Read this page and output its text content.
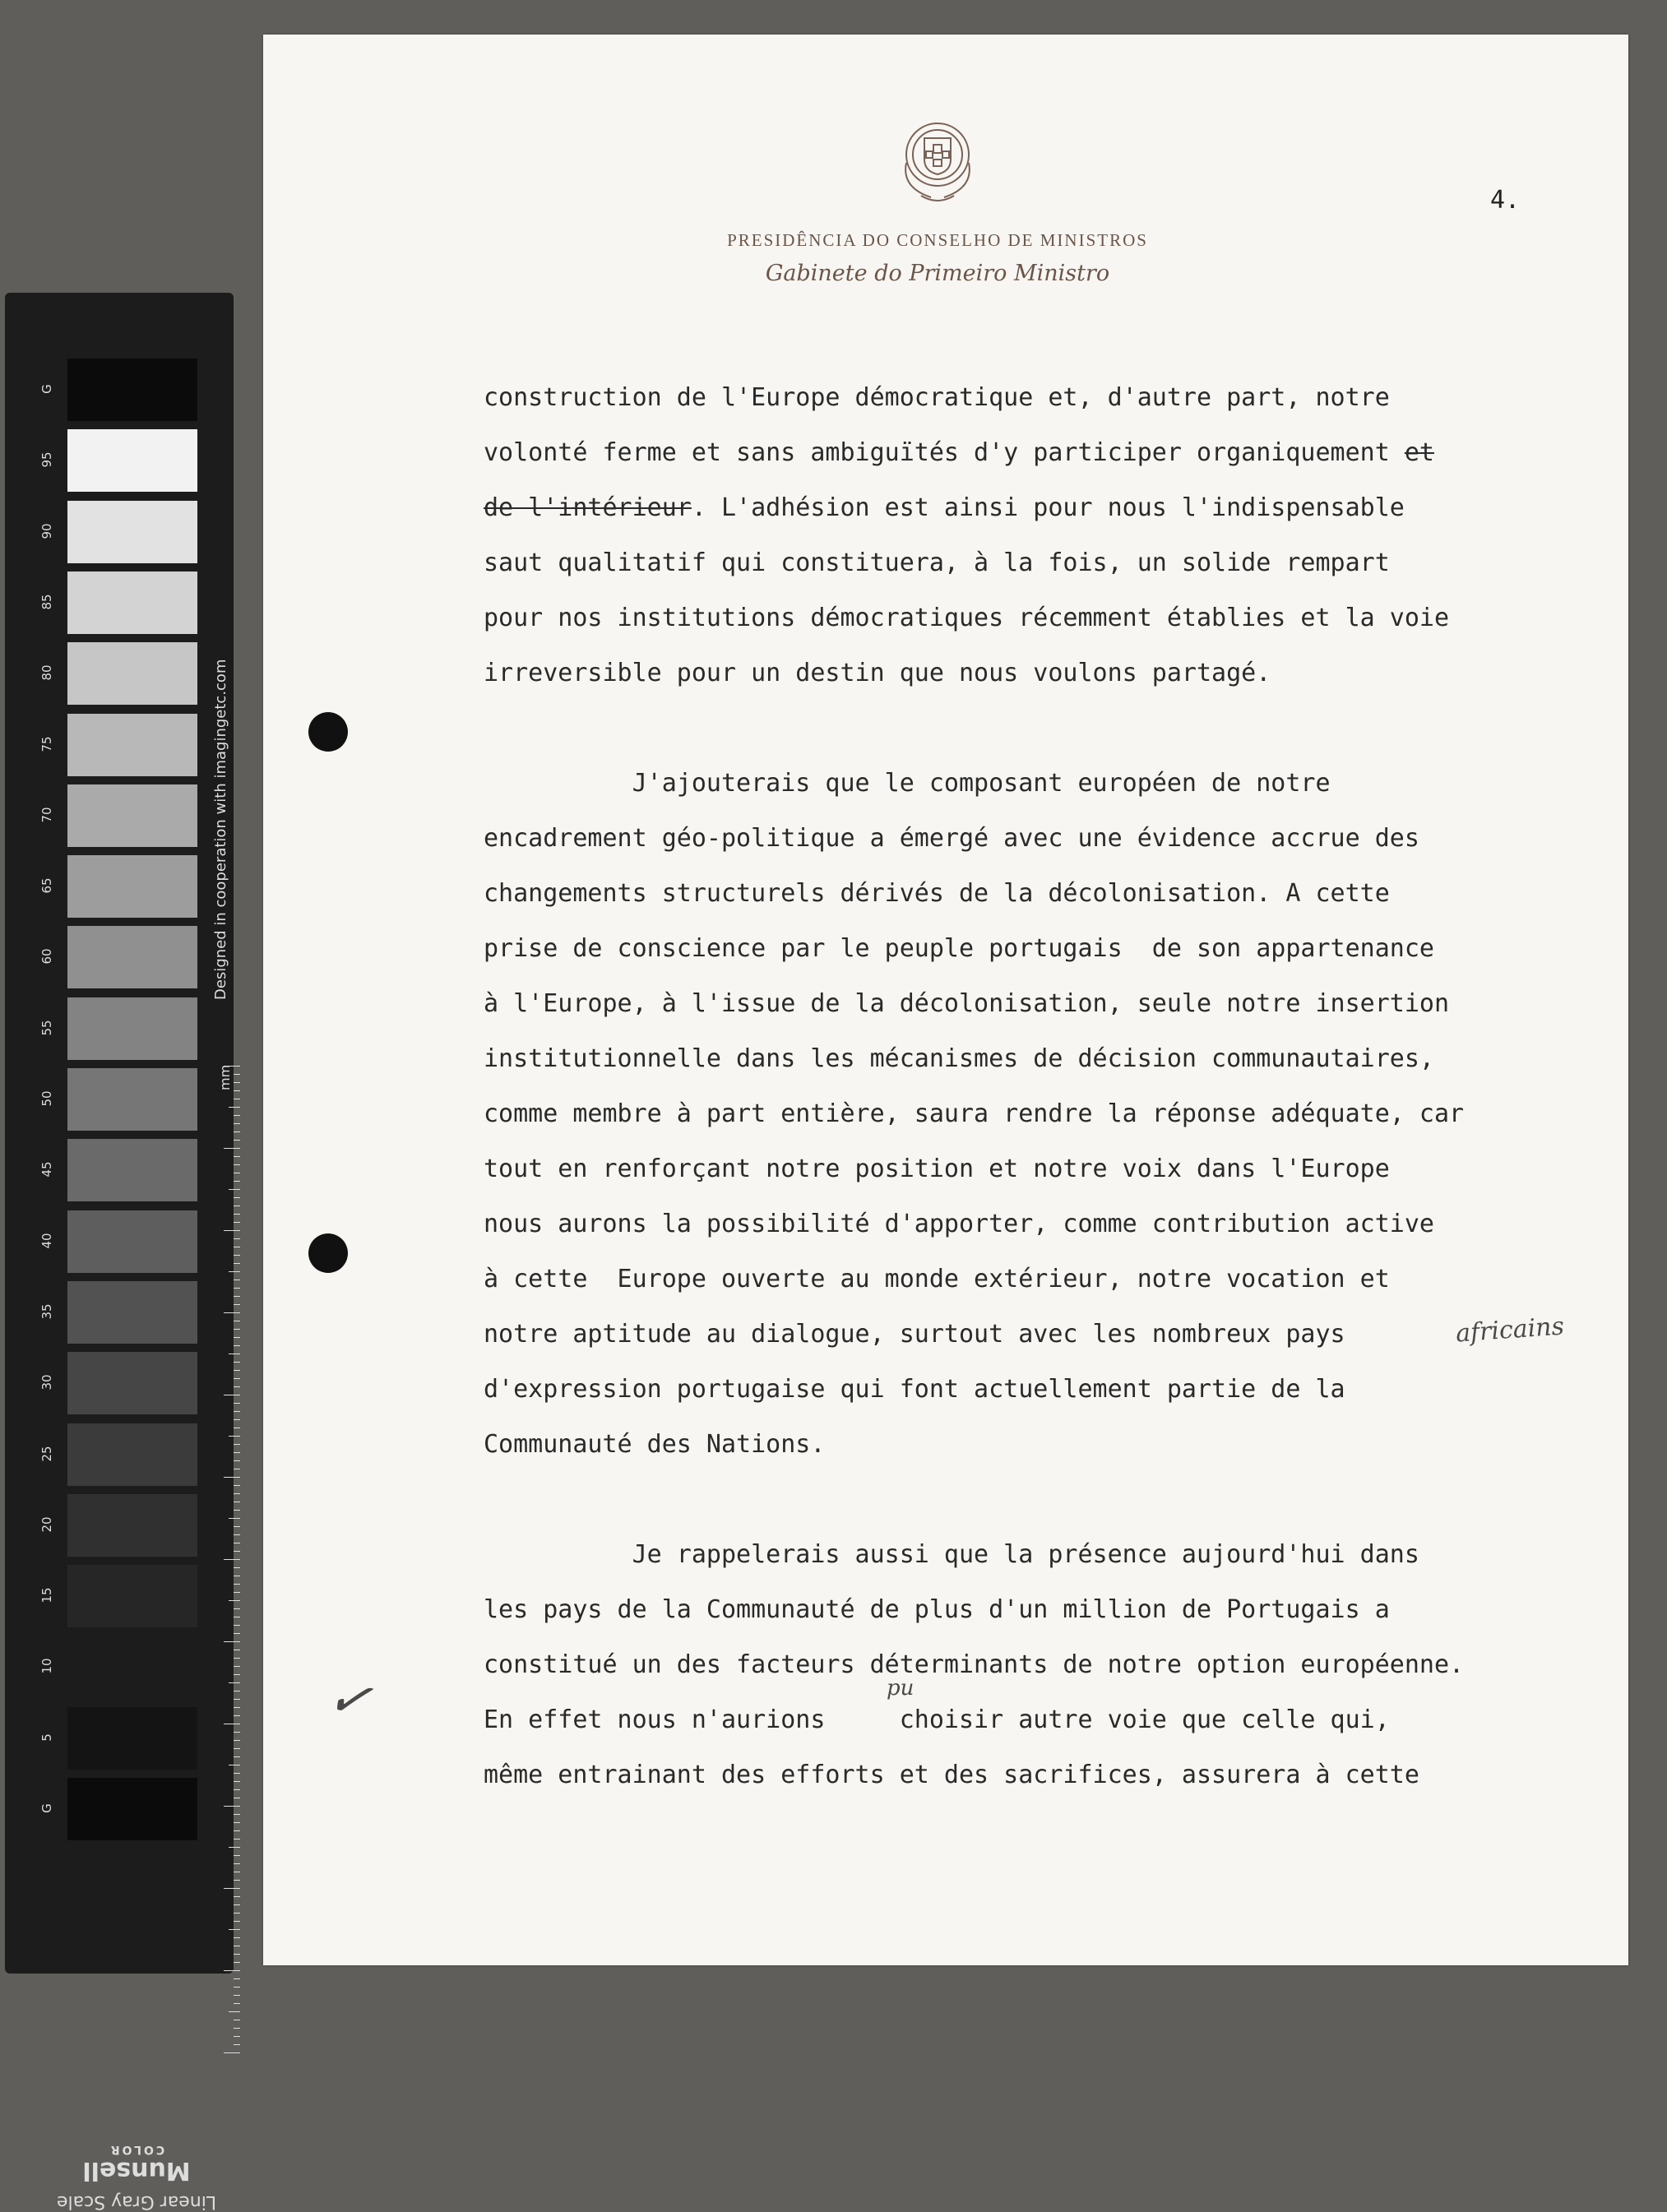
G
95
90
85
80
75
70
65
60
55
50
45
40
35
30
25
20
15
10
5
G
Designed in cooperation with imagingetc.com
mm
Linear Gray Scale
Munsell
COLOR
PRESIDÊNCIA DO CONSELHO DE MINISTROS
Gabinete do Primeiro Ministro
4.
construction de l'Europe démocratique et, d'autre part, notre
volonté ferme et sans ambiguïtés d'y participer organiquement et
de l'intérieur. L'adhésion est ainsi pour nous l'indispensable
saut qualitatif qui constituera, à la fois, un solide rempart
pour nos institutions démocratiques récemment établies et la voie
irreversible pour un destin que nous voulons partagé.
J'ajouterais que le composant européen de notre
encadrement géo-politique a émergé avec une évidence accrue des
changements structurels dérivés de la décolonisation. A cette
prise de conscience par le peuple portugais  de son appartenance
à l'Europe, à l'issue de la décolonisation, seule notre insertion
institutionnelle dans les mécanismes de décision communautaires,
comme membre à part entière, saura rendre la réponse adéquate, car
tout en renforçant notre position et notre voix dans l'Europe
nous aurons la possibilité d'apporter, comme contribution active
à cette  Europe ouverte au monde extérieur, notre vocation et
notre aptitude au dialogue, surtout avec les nombreux pays
d'expression portugaise qui font actuellement partie de la
Communauté des Nations.
Je rappelerais aussi que la présence aujourd'hui dans
les pays de la Communauté de plus d'un million de Portugais a
constitué un des facteurs déterminants de notre option européenne.
En effet nous n'aurions     choisir autre voie que celle qui,
même entrainant des efforts et des sacrifices, assurera à cette
africains
pu
✓
